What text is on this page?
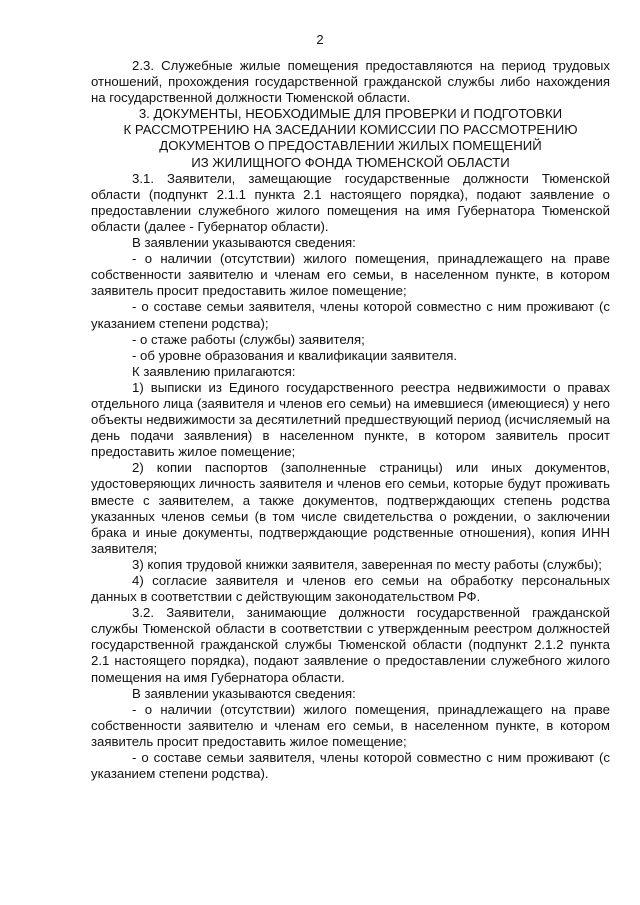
2

2.3. Служебные жилые помещения предоставляются на период трудовых отношений, прохождения государственной гражданской службы либо нахождения на государственной должности Тюменской области.

3. ДОКУМЕНТЫ, НЕОБХОДИМЫЕ ДЛЯ ПРОВЕРКИ И ПОДГОТОВКИ
К РАССМОТРЕНИЮ НА ЗАСЕДАНИИ КОМИССИИ ПО РАССМОТРЕНИЮ
ДОКУМЕНТОВ О ПРЕДОСТАВЛЕНИИ ЖИЛЫХ ПОМЕЩЕНИЙ
ИЗ ЖИЛИЩНОГО ФОНДА ТЮМЕНСКОЙ ОБЛАСТИ

3.1. Заявители, замещающие государственные должности Тюменской области (подпункт 2.1.1 пункта 2.1 настоящего порядка), подают заявление о предоставлении служебного жилого помещения на имя Губернатора Тюменской области (далее - Губернатор области).

В заявлении указываются сведения:

- о наличии (отсутствии) жилого помещения, принадлежащего на праве собственности заявителю и членам его семьи, в населенном пункте, в котором заявитель просит предоставить жилое помещение;

- о составе семьи заявителя, члены которой совместно с ним проживают (с указанием степени родства);

- о стаже работы (службы) заявителя;

- об уровне образования и квалификации заявителя.

К заявлению прилагаются:

1) выписки из Единого государственного реестра недвижимости о правах отдельного лица (заявителя и членов его семьи) на имевшиеся (имеющиеся) у него объекты недвижимости за десятилетний предшествующий период (исчисляемый на день подачи заявления) в населенном пункте, в котором заявитель просит предоставить жилое помещение;

2) копии паспортов (заполненные страницы) или иных документов, удостоверяющих личность заявителя и членов его семьи, которые будут проживать вместе с заявителем, а также документов, подтверждающих степень родства указанных членов семьи (в том числе свидетельства о рождении, о заключении брака и иные документы, подтверждающие родственные отношения), копия ИНН заявителя;

3) копия трудовой книжки заявителя, заверенная по месту работы (службы);

4) согласие заявителя и членов его семьи на обработку персональных данных в соответствии с действующим законодательством РФ.

3.2. Заявители, занимающие должности государственной гражданской службы Тюменской области в соответствии с утвержденным реестром должностей государственной гражданской службы Тюменской области (подпункт 2.1.2 пункта 2.1 настоящего порядка), подают заявление о предоставлении служебного жилого помещения на имя Губернатора области.

В заявлении указываются сведения:

- о наличии (отсутствии) жилого помещения, принадлежащего на праве собственности заявителю и членам его семьи, в населенном пункте, в котором заявитель просит предоставить жилое помещение;

- о составе семьи заявителя, члены которой совместно с ним проживают (с указанием степени родства).
